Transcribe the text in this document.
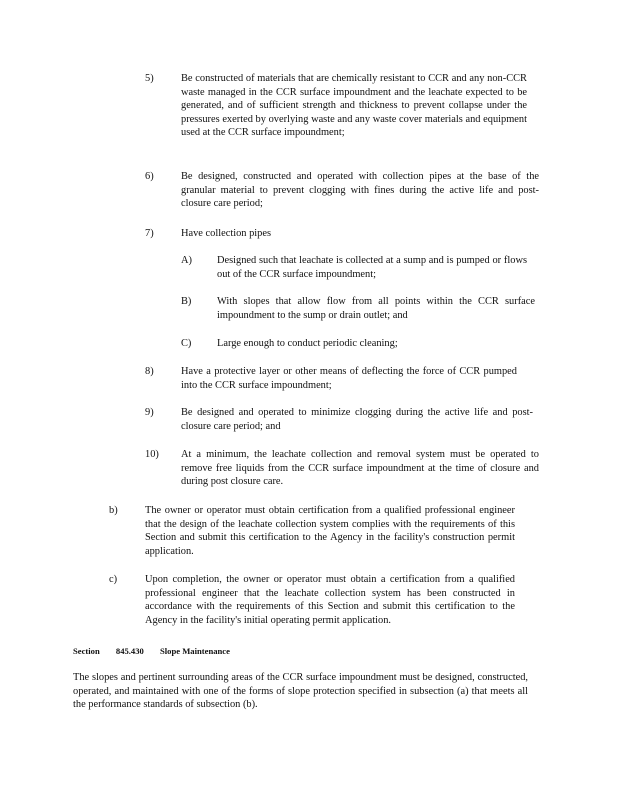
5)	Be constructed of materials that are chemically resistant to CCR and any non-CCR waste managed in the CCR surface impoundment and the leachate expected to be generated, and of sufficient strength and thickness to prevent collapse under the pressures exerted by overlying waste and any waste cover materials and equipment used at the CCR surface impoundment;
6)	Be designed, constructed and operated with collection pipes at the base of the granular material to prevent clogging with fines during the active life and post-closure care period;
7)	Have collection pipes
A) Designed such that leachate is collected at a sump and is pumped or flows out of the CCR surface impoundment;
B) With slopes that allow flow from all points within the CCR surface impoundment to the sump or drain outlet; and
C) Large enough to conduct periodic cleaning;
8)	Have a protective layer or other means of deflecting the force of CCR pumped into the CCR surface impoundment;
9)	Be designed and operated to minimize clogging during the active life and post-closure care period; and
10) At a minimum, the leachate collection and removal system must be operated to remove free liquids from the CCR surface impoundment at the time of closure and during post closure care.
b)	The owner or operator must obtain certification from a qualified professional engineer that the design of the leachate collection system complies with the requirements of this Section and submit this certification to the Agency in the facility's construction permit application.
c)	Upon completion, the owner or operator must obtain a certification from a qualified professional engineer that the leachate collection system has been constructed in accordance with the requirements of this Section and submit this certification to the Agency in the facility's initial operating permit application.
Section 845.430 Slope Maintenance
The slopes and pertinent surrounding areas of the CCR surface impoundment must be designed, constructed, operated, and maintained with one of the forms of slope protection specified in subsection (a) that meets all the performance standards of subsection (b).
